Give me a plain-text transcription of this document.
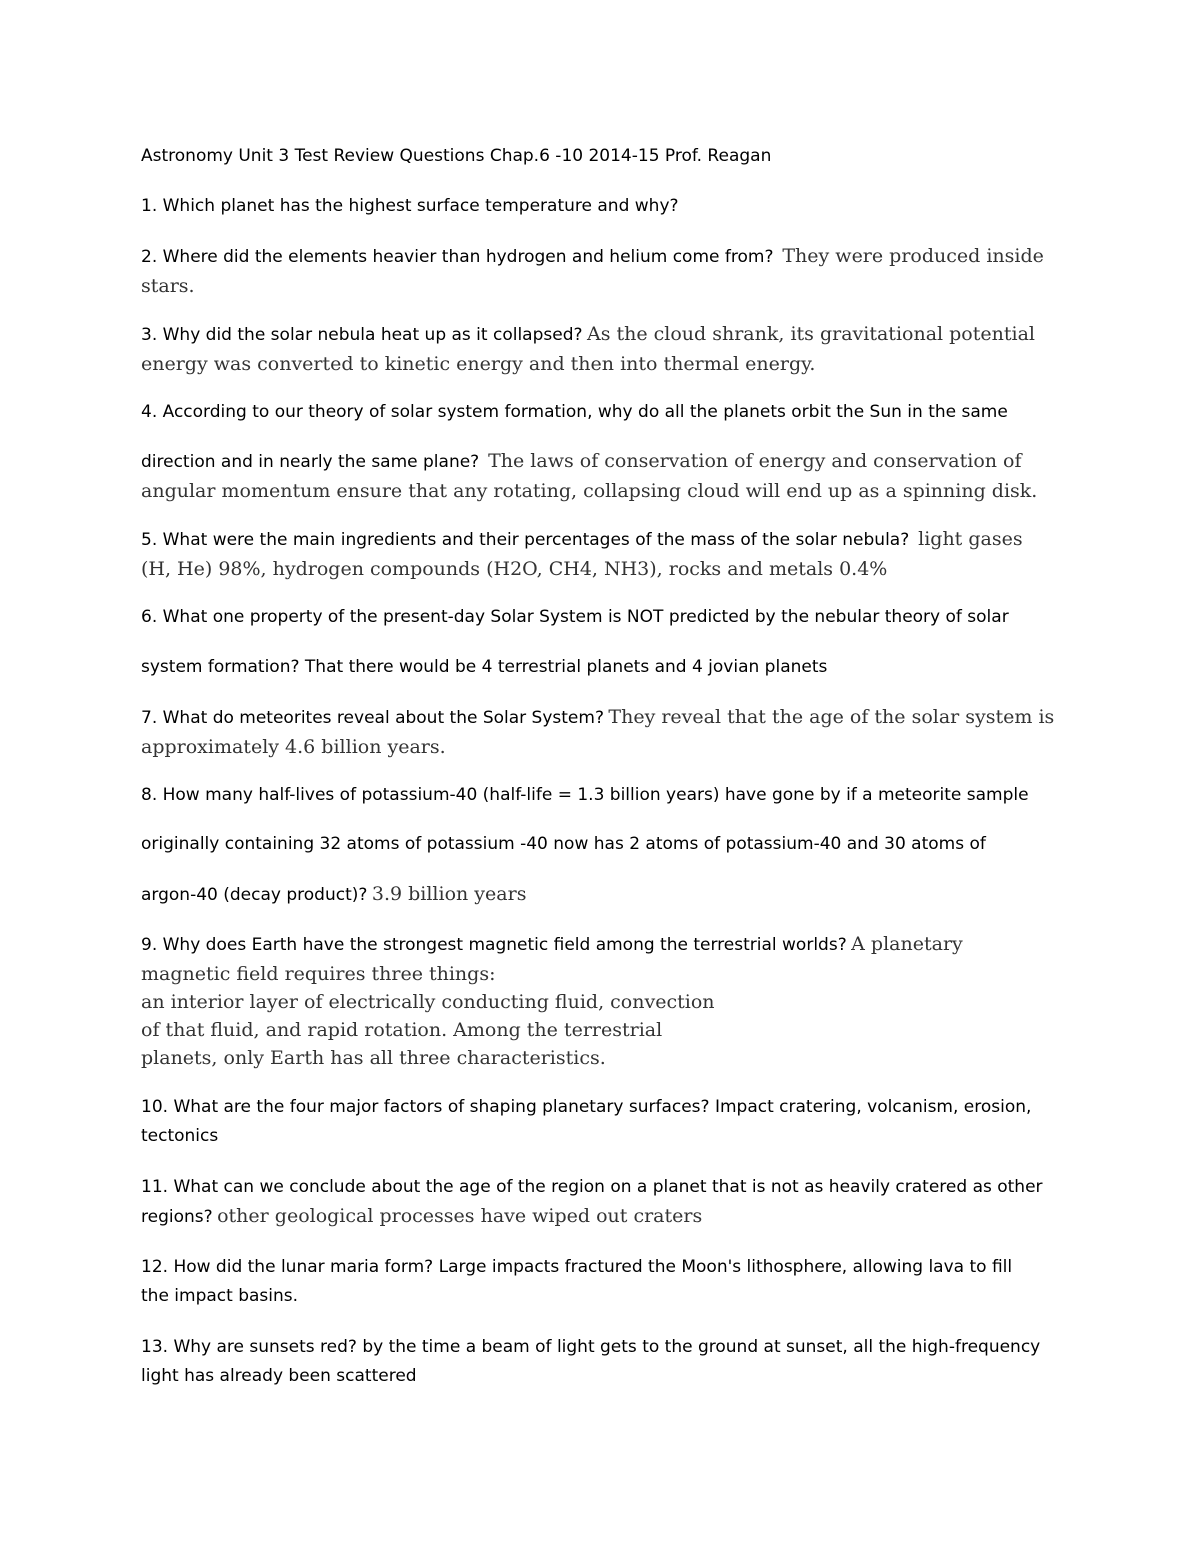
Astronomy Unit 3 Test Review Questions Chap.6 -10 2014-15 Prof. Reagan
1. Which planet has the highest surface temperature and why?
2. Where did the elements heavier than hydrogen and helium come from? They were produced inside
stars.
3. Why did the solar nebula heat up as it collapsed? As the cloud shrank, its gravitational potential
energy was converted to kinetic energy and then into thermal energy.
4. According to our theory of solar system formation, why do all the planets orbit the Sun in the same
direction and in nearly the same plane? The laws of conservation of energy and conservation of
angular momentum ensure that any rotating, collapsing cloud will end up as a spinning disk.
5. What were the main ingredients and their percentages of the mass of the solar nebula? light gases
(H, He) 98%, hydrogen compounds (H2O, CH4, NH3), rocks and metals 0.4%
6. What one property of the present-day Solar System is NOT predicted by the nebular theory of solar
system formation? That there would be 4 terrestrial planets and 4 jovian planets
7. What do meteorites reveal about the Solar System? They reveal that the age of the solar system is
approximately 4.6 billion years.
8. How many half-lives of potassium-40 (half-life = 1.3 billion years) have gone by if a meteorite sample
originally containing 32 atoms of potassium -40 now has 2 atoms of potassium-40 and 30 atoms of
argon-40 (decay product)? 3.9 billion years
9. Why does Earth have the strongest magnetic field among the terrestrial worlds? A planetary
magnetic field requires three things:
an interior layer of electrically conducting fluid, convection
of that fluid, and rapid rotation. Among the terrestrial
planets, only Earth has all three characteristics.
10. What are the four major factors of shaping planetary surfaces? Impact cratering, volcanism, erosion,
tectonics
11. What can we conclude about the age of the region on a planet that is not as heavily cratered as other
regions? other geological processes have wiped out craters
12. How did the lunar maria form? Large impacts fractured the Moon's lithosphere, allowing lava to fill
the impact basins.
13. Why are sunsets red? by the time a beam of light gets to the ground at sunset, all the high-frequency
light has already been scattered
